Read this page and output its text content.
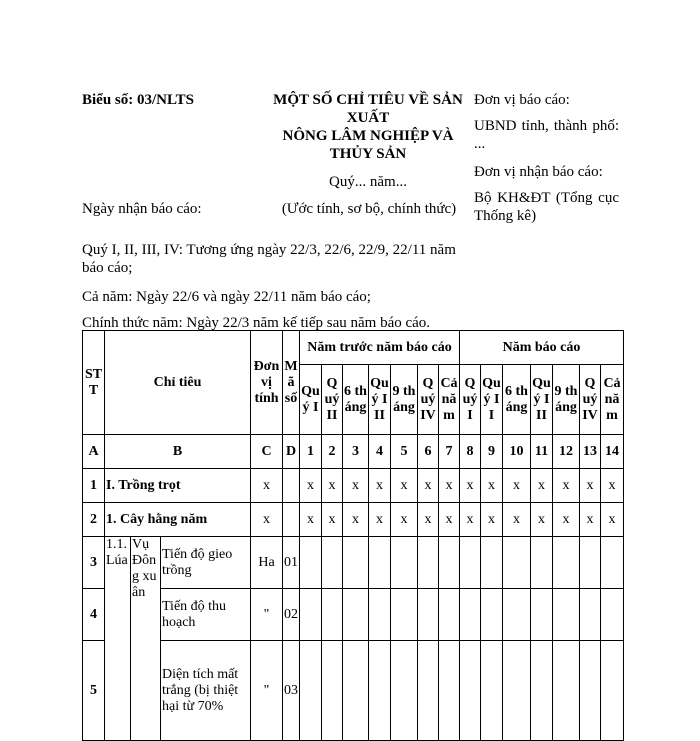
Biểu số: 03/NLTS	MỘT SỐ CHỈ TIÊU VỀ SẢN XUẤT
NÔNG LÂM NGHIỆP VÀ THỦY SẢN
Quý... năm...
Ngày nhận báo cáo:	(Ước tính, sơ bộ, chính thức)
Đơn vị báo cáo:
UBND tỉnh, thành phố: ...
Đơn vị nhận báo cáo:
Bộ KH&ĐT (Tổng cục Thống kê)
Quý I, II, III, IV: Tương ứng ngày 22/3, 22/6, 22/9, 22/11 năm báo cáo;
Cả năm: Ngày 22/6 và ngày 22/11 năm báo cáo;
Chính thức năm: Ngày 22/3 năm kế tiếp sau năm báo cáo.
STT	Chỉ tiêu			Đơn vị tính	Mã số	Năm trước năm báo cáo							Năm báo cáo						
						Quý I	Quý II	6 tháng	Quý III	9 tháng	Quý IV	Cả năm	Quý I	Quý II	6 tháng	Quý III	9 tháng	Quý IV	Cả năm
A	B			C	D	1	2	3	4	5	6	7	8	9	10	11	12	13	14
1	I. Trồng trọt			x		x	x	x	x	x	x	x	x	x	x	x	x	x	x
2	1. Cây hằng năm			x		x	x	x	x	x	x	x	x	x	x	x	x	x	x
3	1.1. Lúa	Vụ Đông xuân	Tiến độ gieo trồng	Ha	01														
4			Tiến độ thu hoạch	"	02														
5			Diện tích mất trắng (bị thiệt hại từ 70%	"	03														
